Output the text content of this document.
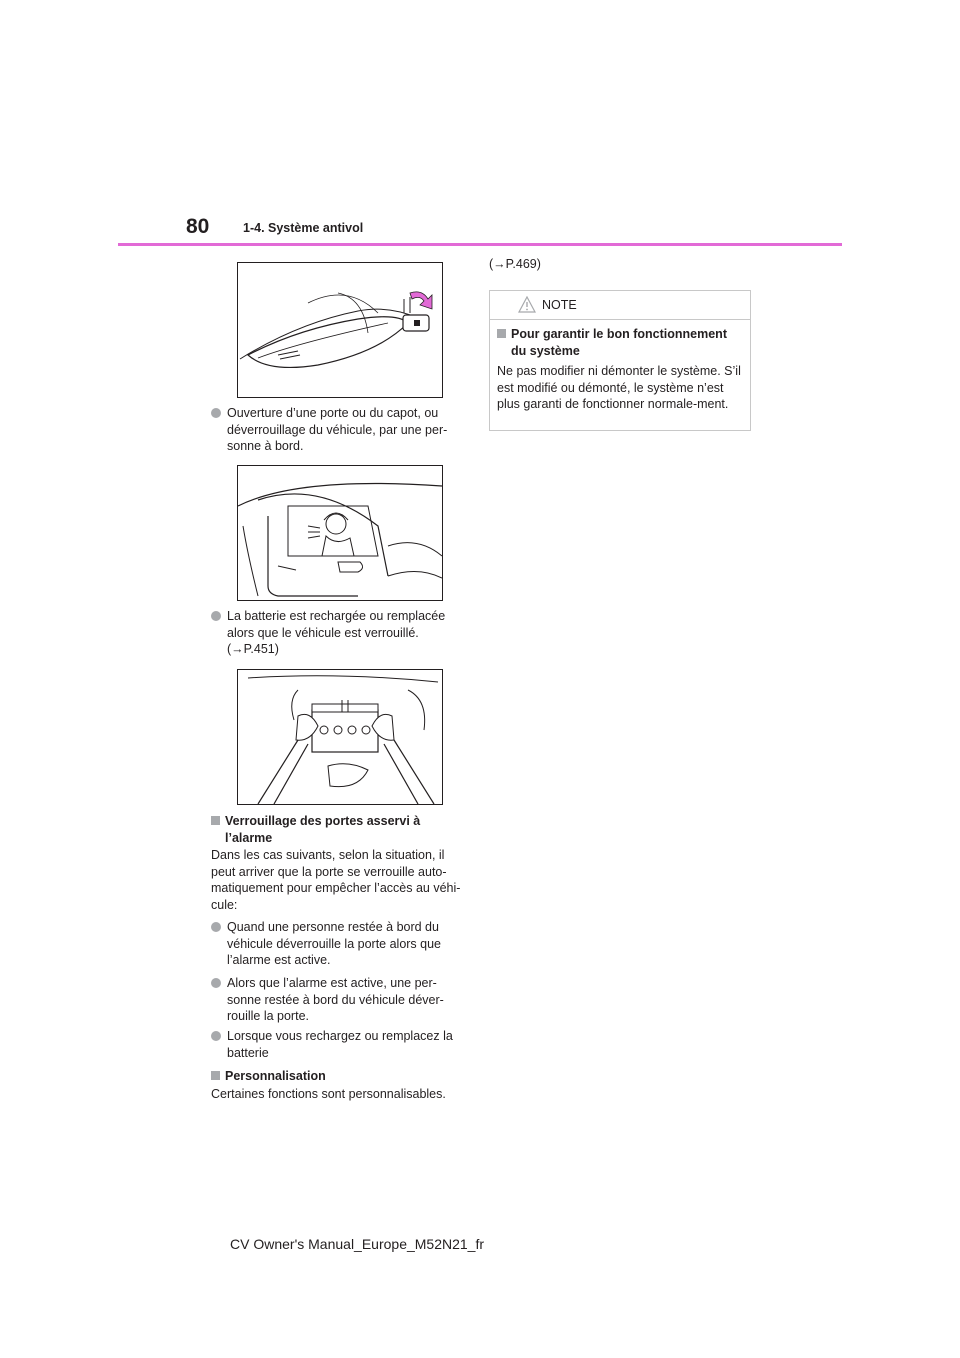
80	1-4. Système antivol
Ouverture d’une porte ou du capot, ou déverrouillage du véhicule, par une per-sonne à bord.
La batterie est rechargée ou remplacée
alors que le véhicule est verrouillé.
(→P.451)
Verrouillage des portes asservi à l’alarme
Dans les cas suivants, selon la situation, il peut arriver que la porte se verrouille auto-matiquement pour empêcher l’accès au véhi-cule:
Quand une personne restée à bord du véhicule déverrouille la porte alors que l’alarme est active.
Alors que l’alarme est active, une per-sonne restée à bord du véhicule déver-rouille la porte.
Lorsque vous rechargez ou remplacez la batterie
Personnalisation
Certaines fonctions sont personnalisables.
(→P.469)
NOTE
Pour garantir le bon fonctionnement du système
Ne pas modifier ni démonter le système. S’il est modifié ou démonté, le système n’est plus garanti de fonctionner normale-ment.
CV Owner's Manual_Europe_M52N21_fr
